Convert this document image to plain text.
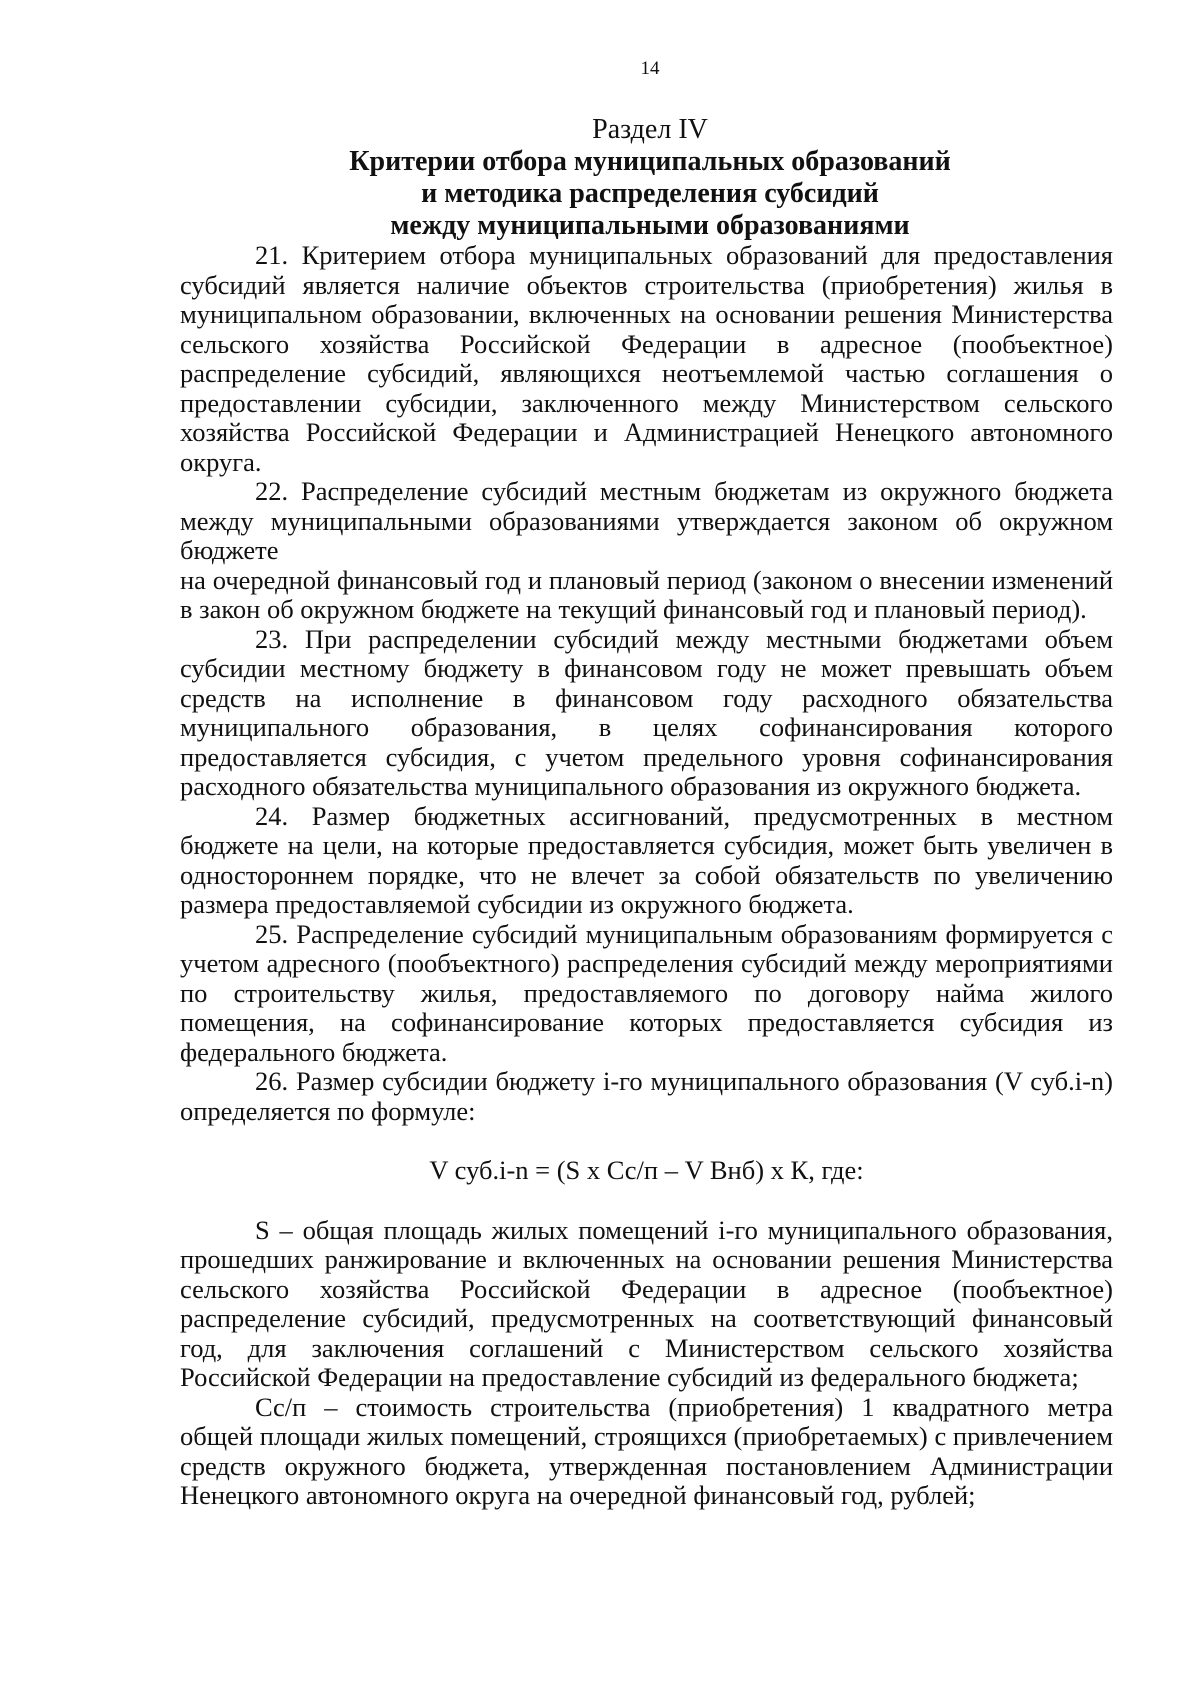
14
Раздел IV
Критерии отбора муниципальных образований
и методика распределения субсидий
между муниципальными образованиями

21. Критерием отбора муниципальных образований для предоставления субсидий является наличие объектов строительства (приобретения) жилья в муниципальном образовании, включенных на основании решения Министерства сельского хозяйства Российской Федерации в адресное (пообъектное) распределение субсидий, являющихся неотъемлемой частью соглашения о предоставлении субсидии, заключенного между Министерством сельского хозяйства Российской Федерации и Администрацией Ненецкого автономного округа.

22. Распределение субсидий местным бюджетам из окружного бюджета между муниципальными образованиями утверждается законом об окружном бюджете

на очередной финансовый год и плановый период (законом о внесении изменений в закон об окружном бюджете на текущий финансовый год и плановый период).

23. При распределении субсидий между местными бюджетами объем субсидии местному бюджету в финансовом году не может превышать объем средств на исполнение в финансовом году расходного обязательства муниципального образования, в целях софинансирования которого предоставляется субсидия, с учетом предельного уровня софинансирования расходного обязательства муниципального образования из окружного бюджета.

24. Размер бюджетных ассигнований, предусмотренных в местном бюджете на цели, на которые предоставляется субсидия, может быть увеличен в одностороннем порядке, что не влечет за собой обязательств по увеличению размера предоставляемой субсидии из окружного бюджета.

25. Распределение субсидий муниципальным образованиям формируется с учетом адресного (пообъектного) распределения субсидий между мероприятиями по строительству жилья, предоставляемого по договору найма жилого помещения, на софинансирование которых предоставляется субсидия из федерального бюджета.

26. Размер субсидии бюджету i-го муниципального образования (V суб.i-n) определяется по формуле:

V суб.i-n = (S x Сс/п – V Внб) x К, где:

S – общая площадь жилых помещений i-го муниципального образования, прошедших ранжирование и включенных на основании решения Министерства сельского хозяйства Российской Федерации в адресное (пообъектное) распределение субсидий, предусмотренных на соответствующий финансовый год, для заключения соглашений с Министерством сельского хозяйства Российской Федерации на предоставление субсидий из федерального бюджета;

Сс/п – стоимость строительства (приобретения) 1 квадратного метра общей площади жилых помещений, строящихся (приобретаемых) с привлечением средств окружного бюджета, утвержденная постановлением Администрации Ненецкого автономного округа на очередной финансовый год, рублей;
